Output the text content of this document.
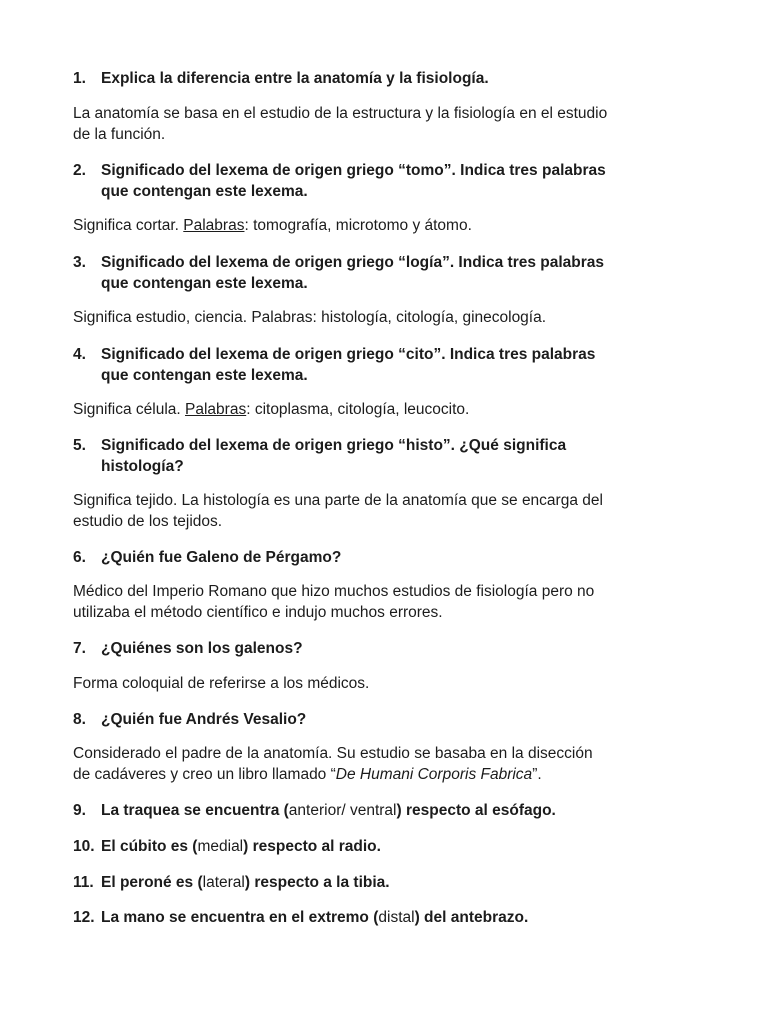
1. Explica la diferencia entre la anatomía y la fisiología.
La anatomía se basa en el estudio de la estructura y la fisiología en el estudio
de la función.
2. Significado del lexema de origen griego “tomo”. Indica tres palabras
que contengan este lexema.
Significa cortar. Palabras: tomografía, microtomo y átomo.
3. Significado del lexema de origen griego “logía”. Indica tres palabras
que contengan este lexema.
Significa estudio, ciencia. Palabras: histología, citología, ginecología.
4. Significado del lexema de origen griego “cito”. Indica tres palabras
que contengan este lexema.
Significa célula. Palabras: citoplasma, citología, leucocito.
5. Significado del lexema de origen griego “histo”. ¿Qué significa
histología?
Significa tejido. La histología es una parte de la anatomía que se encarga del
estudio de los tejidos.
6. ¿Quién fue Galeno de Pérgamo?
Médico del Imperio Romano que hizo muchos estudios de fisiología pero no
utilizaba el método científico e indujo muchos errores.
7. ¿Quiénes son los galenos?
Forma coloquial de referirse a los médicos.
8. ¿Quién fue Andrés Vesalio?
Considerado el padre de la anatomía. Su estudio se basaba en la disección
de cadáveres y creo un libro llamado “De Humani Corporis Fabrica”.
9. La traquea se encuentra (anterior/ ventral) respecto al esófago.
10. El cúbito es (medial) respecto al radio.
11. El peroné es (lateral) respecto a la tibia.
12. La mano se encuentra en el extremo (distal) del antebrazo.
